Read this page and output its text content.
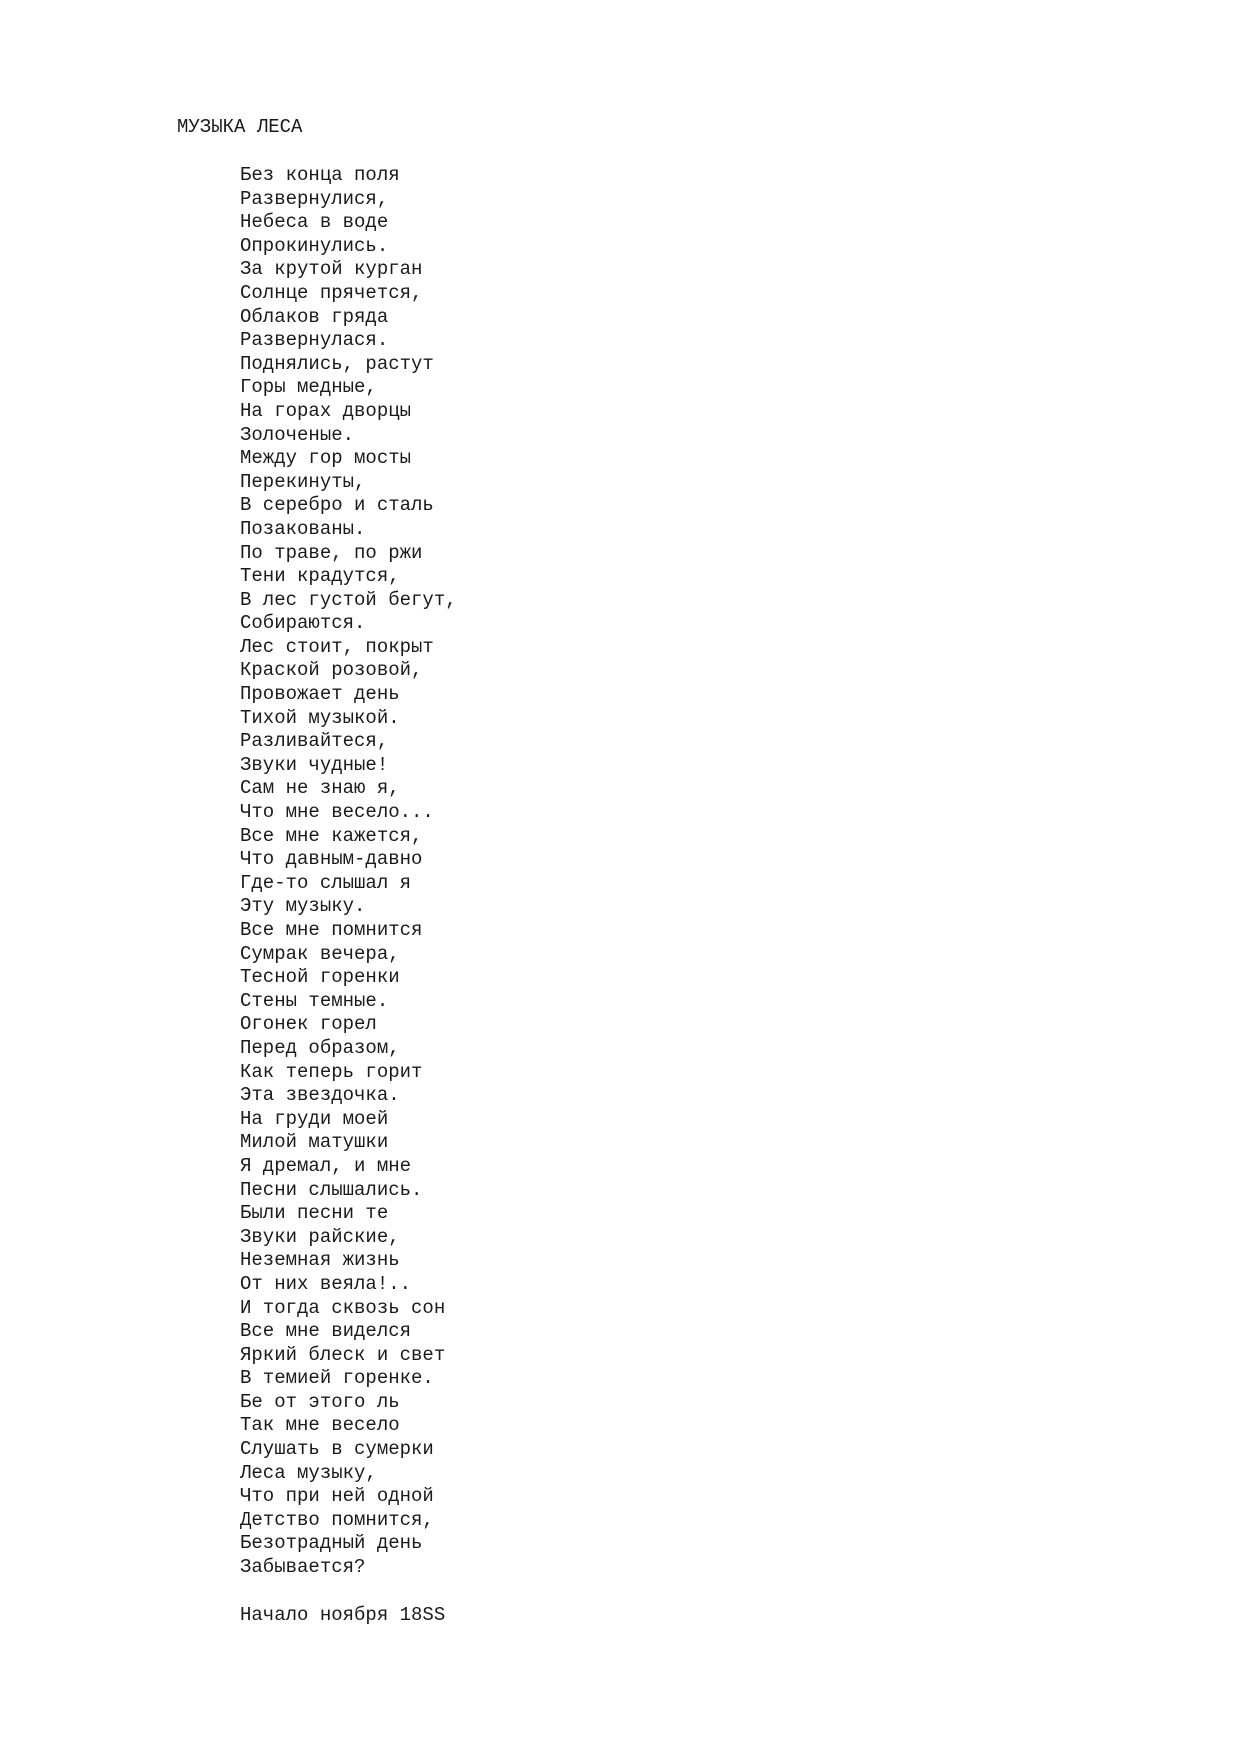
МУЗЫКА ЛЕСА
Без конца поля
Развернулися,
Небеса в воде
Опрокинулись.
За крутой курган
Солнце прячется,
Облаков гряда
Развернулася.
Поднялись, растут
Горы медные,
На горах дворцы
Золоченые.
Между гор мосты
Перекинуты,
В серебро и сталь
Позакованы.
По траве, по ржи
Тени крадутся,
В лес густой бегут,
Собираются.
Лес стоит, покрыт
Краской розовой,
Провожает день
Тихой музыкой.
Разливайтеся,
Звуки чудные!
Сам не знаю я,
Что мне весело...
Все мне кажется,
Что давным-давно
Где-то слышал я
Эту музыку.
Все мне помнится
Сумрак вечера,
Тесной горенки
Стены темные.
Огонек горел
Перед образом,
Как теперь горит
Эта звездочка.
На груди моей
Милой матушки
Я дремал, и мне
Песни слышались.
Были песни те
Звуки райские,
Неземная жизнь
От них веяла!..
И тогда сквозь сон
Все мне виделся
Яркий блеск и свет
В темией горенке.
Бе от этого ль
Так мне весело
Слушать в сумерки
Леса музыку,
Что при ней одной
Детство помнится,
Безотрадный день
Забывается?
Начало ноября 18SS
